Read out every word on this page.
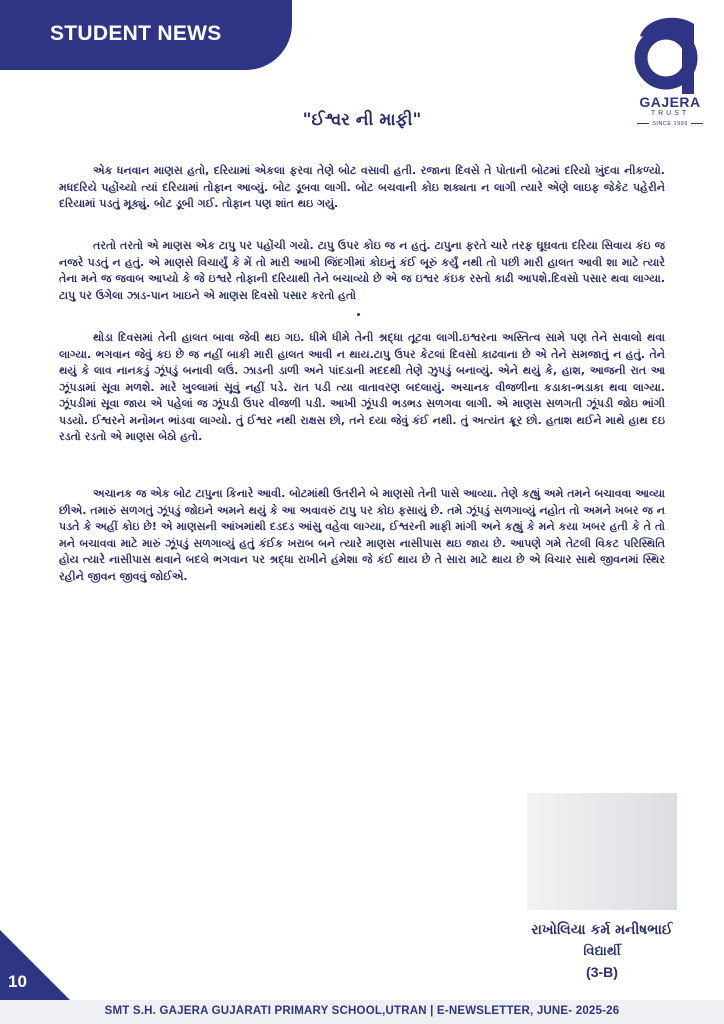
STUDENT NEWS
GAJERA
TRUST
SINCE 1993
"ઈશ્વર ની માફી"

એક ધનવાન માણસ હતો, દરિયામાં એકલા ફરવા તેણે બોટ વસાવી હતી. રજાના દિવસે તે પોતાની બોટમાં દરિયો ખુંદવા નીકળ્યો. મધદરિયે પહોંચ્યો ત્યાં દરિયામાં તોફાન આવ્યું. બોટ ડૂબવા લાગી. બોટ બચવાની કોઇ શક્યતા ન લાગી ત્યારે એણે લાઇફ જેકેટ પહેરીને દરિયામાં પડતું મૂક્યું. બોટ ડૂબી ગઈ. તોફાન પણ શાંત થઇ ગયું.

તરતો તરતો એ માણસ એક ટાપુ પર પહોંચી ગયો. ટાપુ ઉપર કોઇ જ ન હતું. ટાપુના ફરતે ચારે તરફ ઘૂઘવતા દરિયા સિવાય કંઇ જ નજરે પડતું ન હતું. એ માણસે વિચાર્યું કે મેં તો મારી આખી જિંદગીમાં કોઇનું કંઈ બૂરું કર્યું નથી તો પછી મારી હાલત આવી શા માટે ત્યારે તેના મને જ જવાબ આપ્યો કે જે ઇશ્વરે તોફાની દરિયાથી તેને બચાવ્યો છે એ જ ઇશ્વર કંઇક રસ્તો કાઢી આપશે.દિવસો પસાર થવા લાગ્યા. ટાપુ પર ઉગેલા ઝાડ-પાન ખાઇને એ માણસ દિવસો પસાર કરતો હતો

થોડા દિવસમાં તેની હાલત બાવા જેવી થઇ ગઇ. ધીમે ધીમે તેની શ્રદ્ધા તૂટવા લાગી.ઇશ્વરના અસ્તિત્વ સામે પણ તેને સવાલો થવા લાગ્યા. ભગવાન જેવું કઇ છે જ નહીં બાકી મારી હાલત આવી ન થાય.ટાપુ ઉપર કેટલાં દિવસો કાઢવાના છે એ તેને સમજાતું ન હતું. તેને થયું કે લાવ નાનકડું ઝૂંપડું બનાવી લઉં. ઝાડની ડાળી અને પાંદડાની મદદથી તેણે ઝુપડું બનાવ્યું. એને થયું કે, હાશ, આજની રાત આ ઝૂંપડામાં સૂવા મળશે. મારે ખુલ્લામાં સૂવું નહીં પડે. રાત પડી ત્યા વાતાવરણ બદલાયું. અચાનક વીજળીના કડાકા-ભડાકા થવા લાગ્યા. ઝૂંપડીમાં સૂવા જાય એ પહેલાં જ ઝૂંપડી ઉપર વીજળી પડી. આખી ઝૂંપડી ભડભડ સળગવા લાગી. એ માણસ સળગતી ઝૂંપડી જોઇ ભાંગી પડયો. ઈશ્વરને મનોમન ભાંડવા લાગ્યો. તું ઈશ્વર નથી રાક્ષસ છો, તને દયા જેવું કંઈ નથી. તું અત્યંત ક્રૂર છો. હતાશ થઈને માથે હાથ દઇ રડતો રડતો એ માણસ બેઠો હતો.

અચાનક જ એક બોટ ટાપુના કિનારે આવી. બોટમાંથી ઉતરીને બે માણસો તેની પાસે આવ્યા. તેણે કહ્યું અમે તમને બચાવવા આવ્યા છીએ. તમારું સળગતું ઝૂંપડું જોઇને અમને થયું કે આ અવાવરું ટાપુ પર કોઇ ફસાયું છે. તમે ઝૂંપડું સળગાવ્યું નહોત તો અમને ખબર જ ન પડતે કે અહીં કોઇ છે! એ માણસની આંખમાંથી દડદડ આંસુ વહેવા લાગ્યા, ઈશ્વરની માફી માંગી અને કહ્યું કે મને કયા ખબર હતી કે તે તો મને બચાવવા માટે મારું ઝૂંપડું સળગાવ્યું હતું કંઈક ખરાબ બને ત્યારે માણસ નાસીપાસ થઇ જાય છે. આપણે ગમે તેટલી વિકટ પરિસ્થિતિ હોય ત્યારે નાસીપાસ થવાને બદલે ભગવાન પર શ્રદ્ધા રાખીને હંમેશા જે કંઈ થાય છે તે સારા માટે થાય છે એ વિચાર સાથે જીવનમાં સ્થિર રહીને જીવન જીવવું જોઈએ.

રાખોલિયા કર્મ મનીષભાઈ
વિદ્યાર્થી
(3-B)
10
SMT S.H. GAJERA GUJARATI PRIMARY SCHOOL,UTRAN | E-NEWSLETTER, JUNE- 2025-26
